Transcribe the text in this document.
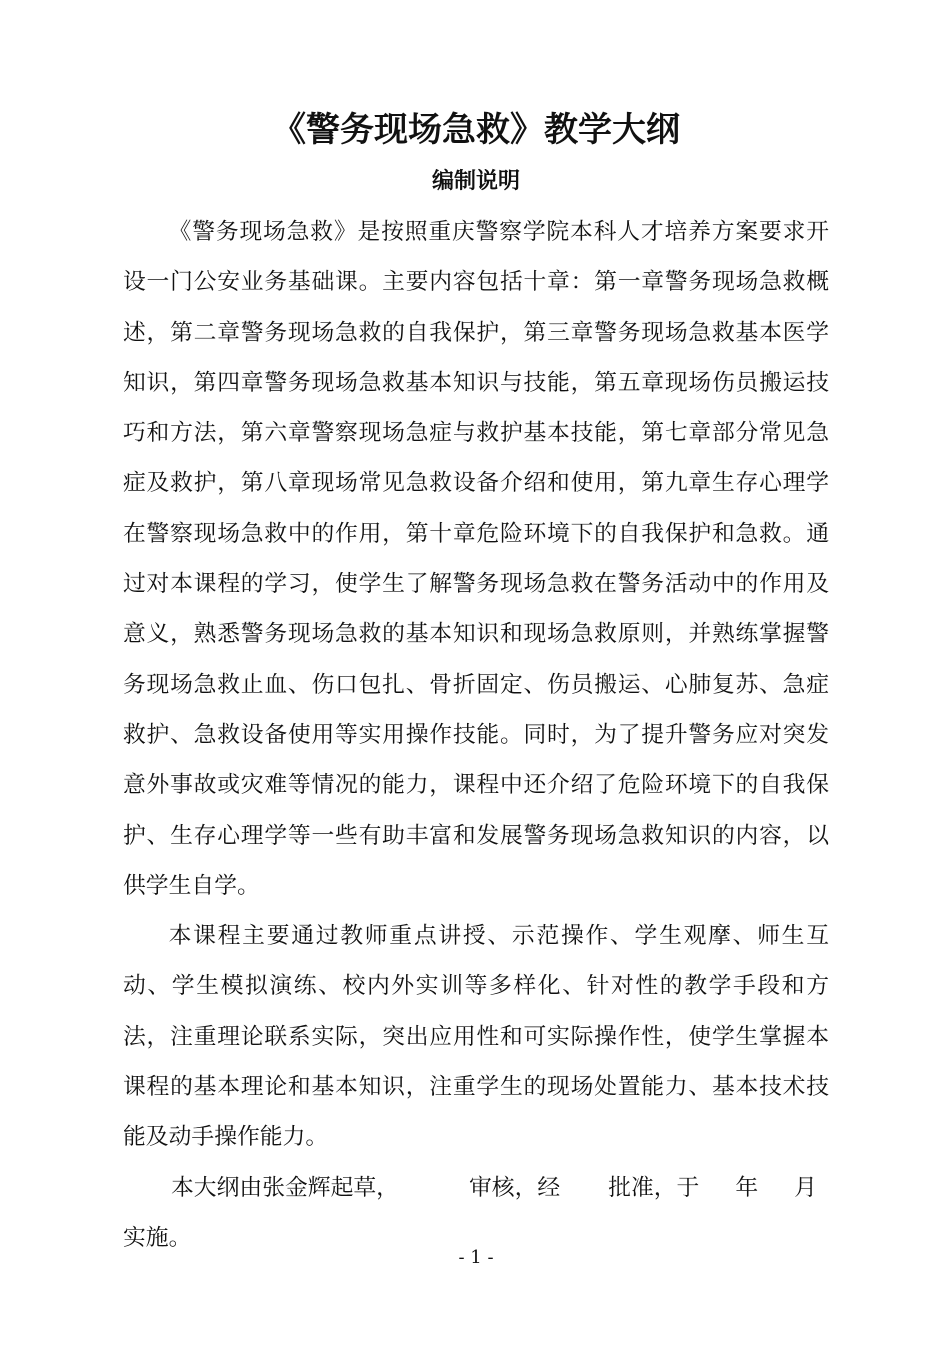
《警务现场急救》教学大纲
编制说明

《警务现场急救》是按照重庆警察学院本科人才培养方案要求开设一门公安业务基础课。主要内容包括十章：第一章警务现场急救概述，第二章警务现场急救的自我保护，第三章警务现场急救基本医学知识，第四章警务现场急救基本知识与技能，第五章现场伤员搬运技巧和方法，第六章警察现场急症与救护基本技能，第七章部分常见急症及救护，第八章现场常见急救设备介绍和使用，第九章生存心理学在警察现场急救中的作用，第十章危险环境下的自我保护和急救。通过对本课程的学习，使学生了解警务现场急救在警务活动中的作用及意义，熟悉警务现场急救的基本知识和现场急救原则，并熟练掌握警务现场急救止血、伤口包扎、骨折固定、伤员搬运、心肺复苏、急症救护、急救设备使用等实用操作技能。同时，为了提升警务应对突发意外事故或灾难等情况的能力，课程中还介绍了危险环境下的自我保护、生存心理学等一些有助丰富和发展警务现场急救知识的内容，以供学生自学。

本课程主要通过教师重点讲授、示范操作、学生观摩、师生互动、学生模拟演练、校内外实训等多样化、针对性的教学手段和方法，注重理论联系实际，突出应用性和可实际操作性，使学生掌握本课程的基本理论和基本知识，注重学生的现场处置能力、基本技术技能及动手操作能力。

本大纲由张金辉起草，	审核，经 批准，于 年 月

实施。

- 1 -
